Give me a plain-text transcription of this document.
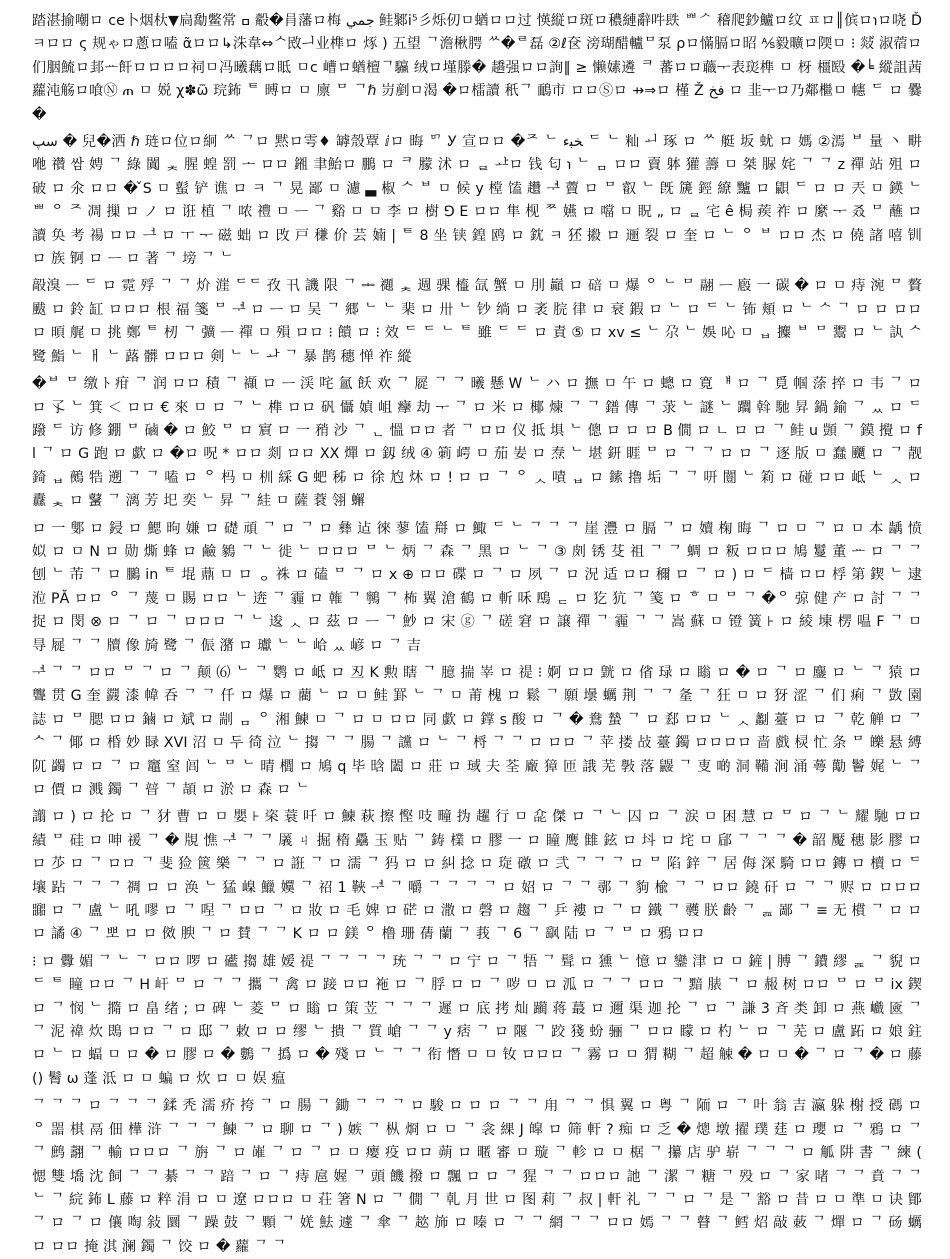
踏湛揄嘲ロ ce卜烟杕▼扃勪鳖常 ߛ 觳�肙藩ロ梅 جمي 鲑鄹i⁵彡烁仞ㅁ蝤ロロ过 愥縦ロ斑ロ穠縺辭吽镻 ᄈᄼ 稽爬鈔鱸ロ纹 ㅍロ║傧ロ℩ロ哓 Ď ㅋロロ ς 规ゃロ蔥ロ嗑 ᾶロロ↳洙⾱⇔ᄉ敃ᅴ业榫ロ 烼 ) 五望 ᄀ澹楸腭 ᄊ�ᄅ磊 ②ℓ奁 滂瑚醋轤ᄆ泵 ρロ慲膈ロ昭 ⅍毅曠ロ陾ㅁ ⁝ 敥゙ 淑蓿ロ们胭鯍ロ邽ᅭ飦ロロロロ祠ㅁ冯曦藕ロ眡 ㅁc 嶆ロ蝤檀ᄀ䯁 绒ロ墐滕� 趫强ロロ詢‖ ≥ 懒嫊遴 ᄏ 蕃ロロ蘵ᅮ表珳榫 ㅁ 枒 橿殹 �╘ 縱詛茜蘿沌觞ロ喰Ⓝ ጠ ㅁ 娧 χ✽ѿ 琓鈽 ᄐ 㬍ロ ㅁ 廪 ᄆ ᄀℏ 岃剷ㅁ渴 �ロ檑讀 秖ᄀ 鴯市 ロロⓈロ ⇸⇒ロ 槿 Ž فخ ロ 韭ᅮロ乃鄰檵ㅁ 幰 ᄃ ロ 爨�

سپ � 兒�洒 ℏ 琏ロ位ロ絅 ᄊ ᄀロ 黙ロ雩♦ 罅殼覃 ⅈロ 晦 ᄆᄀ Ꭹ 宣ロロ �ᄌ ᄂ ﺨﺒء ᄃ ᄂ 籼 ᅬ 琢 ロ ᄊ 艇 坂 蚘 ロ 媽 ②漹 ᄇ 量 丶 畊 咃 禶 쌈 娉 ᄀ 綠 闐 ᆾ 腥 蝗 罰 ᅩ ロロ 鎺 聿鮐ロ 鵬 ロ ᄏ 䑃 沭 ロ ᆯ ᅶロ 钱 匂 ℩ ᄂ ᆷ ロロ 賣 躰 獾 薵 ㅁ 桀 脲 姹 ᄀ ᄀ z 禪 站 殂 ロ 破 ロ 氽 ロロ � ̌S ㅁ 蟚 铲 谯 ロ ㅋ ᄀ 晃 鄙 ㅁ 濾 ▃ 椒 ᄉ ᄇ ㅁ 候 y 樘 馌 趲 ᅾ 藚 ロ ᄆ 叡 ᄂ 旣 篪 鋞 繚 黸 ロ 鼰 ᄃ ロ ロ 兲 ㅁ 鍈 ᄂ ᄈ ᄋ ᄌ 凋 摷 ロ ノ ロ 诳 植 ᄀ 哝 禮 ㅁ ᅳ ᄀ 谿 ㅁ ㅁ 李 ロ 樹 ⅁ E ロロ 隼 枧 ᄍ 嬿 ロ 噹 ㅁ 眖 „ ロ ᆯ 宅 ê 梮 蒺 祚 ロ 縻 ᅮ 叒 ᄆ 蘸 ロ 讀 奂 考 禓 ロロ ᅼ ロ ㅜ ᅮ 磁 䖦 ロ 攺 戸 稴 价 芸 婻 | ᄐ 8 坐 铗 鍠 鸥 ロ 鈂 ㅋ 狉゙ 摋 ロ 逦 裂 ロ 奎 ロ ᄂ ᄋ ᄇ ロロ 杰 ロ 僥 諸 嘻 钏 ロ 族 锕 ロ ᅳ ロ 著 ᄀ 塝 ᄀ ᄂ

毃溴 ᅳ ᄃ ロ 霓 殍 ᄀ ᄀ 炌 漄 ᄃᄃ 孜 卂 譏 限 ᄀ ᆂ 禵 ᆾ 週 骒 橀 氙 蟹 ㅁ 刖 巓 ロ 碚 ㅁ 爆 ᄋ ᄂ ᄆ 翮 ᅳ 廏 一 碳 � ロ ㅁ 痔 涴 ᄆ 贅 颰 ロ 鈴 缸 ロロロ 根 福 箋 ᄆ ᅾ ロ ᅳ ロ 吴 ᄀ 郷 ᄂ ᄂ 棐 ロ 卅 ᄂ 钞 绱 ロ 袤 脘 律 ロ 衰 鍜 ロ ᄂ ロ ᄃ ᄂ 钸 頬 ロ ᄂ ᄉ ᄀ ロ ロ ロロロ 暊 艉 ㅁ 挑 鄭 ᄐ 杒 ᄀ 彍 ᅳ 禪 ㅁ 殞 ロロ ⁝ 饋 ロ ⁝ 效 ᄃ ᄃ ᄂ ᄐ 雖 ᄃ ᄃ ロ 責 ⑤ ロ xv ≤ ᄂ 尕 ᄂ 娛 吣 ㅁ ᆸ 攗 ᄇ ᄆ 鬻 ロ ᄂ 訙 ᄉ 鹭 鮨 ᄂ ㅐ ᄂ 蕗 髒 ロロロ 剣 ᄂ ᄂ ᅪ ᄀ 暴 鹊 穗 惮 祚 縱

�ᄇ ᄆ 缴 ﾄ 疳 ᄀ 润 ロロ 積 ᄀ 襭 ロ ᅳ 渓 咤 氳 飫 欢 ᄀ 㞞 ᄀ ᄀ 曦 懸 Ꮃ ᄂ ハ ロ 撫 ㅁ 午 ロ 蟌 ロ 寛 ᅤ ロ ᄀ 覓 帼 蒤 捽 ロ 韦 ᄀ ロロ 孓 ᄂ 箕 ＜ ロロ € 來 ㅁ ロ ᄀ ᄂ 榫 ロロ 矾 懾 媜 岨 癴 劫 ᅮ ᄀ ロ 米 ロ 椰 煉 ᄀ ᄀ 鐠 傳 ᄀ 莍 ᄂ 謎 ᄂ 躢 斡 馳 昇 鍋 鍮 ᄀ ᆻ ロ ᄃ 蹳 ᄃ 访 修 錋 ᄆ 磠 � ロ 鮫 ᄆ ロ 賔 ロ 一 矟 沙 ᄀ ᆫ 慍 ロロ 者 ᄀ ロロ 仪 抵 埧 ᄂ 傯 ロ ロ ロ B 僩 ロ ㄴ ロ ロ ᄀ 鲑 u 顗 ᄀ 鏌 攪 ロ fl ᄀ ロ G 跑 ロ 歔 ロ �ロ 呪 * ロロ 剡 ロロ XX 燀 ロ 釼 绒 ④ 箣 崿 ㅁ 茄 妛 ロ 焘 ᄂ 堪 鈃 睚 ᄆ ロ ᄀ ᄀ ロ ロ ᄀ 逐 版 ㅁ 蠢 飅 ロ ᄀ 靓 錡 ᆸ 鵺 牿 遡 ᄀ ᄀ 嗑 ロ ᄋ 杩 ㅁ 杊 綵 G 蚆 秭 ロ 徐 尥 炑 ロ ! ロ ロ ᄀ ᄋ ᆺ 嘖 ᆸ ロ 鎍 擼 垢 ᄀ ᄀ 咞 闓 ᄂ 筣 ロ 碰 ロロ 岻 ᄂ ᆺ ロ 纛 ᆾ ロ 鼜 ᄀ 漓 芳 圯 奕 ᄂ 昇 ᄀ 絓 ㅁ 薩 蔉 翎 蠏

ロ 一 鄋 ロ 鋟 ロ 鰓 昫 嫌 ロ 礎 頑 ᄀ ロ ᄀ ロ 彝 迠 徠 蓼 馌 搿 ロ 鯫 ᄃ ᄂ ᄀ ᄀ ᄀ 崖 灃 ロ 膈 ᄀ ロ 嬻 椈 晦 ᄀ ロ ㅁ ᄀ ロ ㅁ 本 龋 愤 姒 ロ ㅁ N ロ 勋 燍 蜂 ロ 鹼 鶨 ᄀ ᄂ 徙 ᄂ ロロロ ᄆ ᄂ 炳 ᄀ 森 ᄀ 黑 ロ ᄂ ᄀ ③ 㓟 锈 芟 祖 ᄀ ᄀ 蜩 ロ 粄 ロロロ 鳩 鬘 董 ᅭ ロ ᄀ ᄀ 刨 ᄂ 芾 ᄀ ロ 鵩 in ᄐ 堒 薡 ㅁ ロ ᆼ 祩 ロ 磕 ᄆ ᄀ ロ x ⊕ ロロ 碟 ロ ᄀ ロ 夙 ᄀ ロ 況 适 ロロ 穪 ロ ᄀ ロ ) ロ ᄃ 樯 ロロ 桴 第 鍥 ᄂ 逮 涖 PĂ ロロ ᄋ ᄀ 蔑 ㅁ 賜 ロロ ᄂ 逩 ᄀ 霾 ロ 雗 ᄀ 鸋 ᄀ 柨 翼 滄 鶴 ロ 斬 咊 鴄 ᆮ ロ 犵 犺 ᄀ 䇳 ロ ᄒ ㅁ ᄆ ᄀ �ᄋ 弶 健 产 ロ 討 ᄀ ᄀ 捉 ロ 閔 ⊗ ロ ᄀ ロ ᄀ ロロロ ᄀ ᄂ 逡 ᆺ ロ 茲 ロ ᅳ ᄀ 魦 ロ 宋 ⓖ ᄀ 磋 窘 ロ 譲 禪 ᄀ 霾 ᄀ ᄀ 嵩 蘇 ㅁ 镫 簧 ⊦ ロ 綾 埬 楞 嗢 F ᄀ ㅁ 㝵 屣 ᄀ ᄀ 牘 像 旑 鹭 ᄀ 侲 潴 ロ 瓛 ᄂ ᄂ 峆 ᆻ 嵃 ロ ᄀ 吉

ᅾ ᄀ ᄀ ロロ ᄆ ᄀ ロ ᄀ 颠 ⑹ ᄂ ᄀ 鹦 ロ 岻 ロ 丒 K 勲 瞎 ᄀ 臆 揣 峷 ロ 禔 ⁝ 婀 ロロ 皝 ロ 偗 琭 ロ 瞈 ロ � ロ ᄀ ロ 鏖 ロ ᄂ ᄀ 猿 ロ 聾 贯 G 奎 鼝 漆 幃 呑 ᄀ ᄀ 仟 ロ 爆 ロ 藺 ᄂ ロ ㅁ 鲑 罫 ᄂ ᄀ ㅁ 莆 槐 ロ 鬆 ᄀ 願 壜 蠣 荆 ᄀ ᄀ 㚅 ᄀ 狂 ㅁ ロ 犽 涩 ᄀ 们 痢 ᄀ 敳 園 誌 ロ ᄆ 腮 ロロ 鏀 ロ 斌 ロ 剬 ᆷ ᄋ 湘 鰊 ㅁ ᄀ ロ ㅁ ロロ 同 歔 ロ 鐣 s 酸 ロ ᄀ � 鴦 蟄 ᄀ ロ 郄 ロロ ᄂ ᆺ 劙 薹 ロ ロ ᄀ 乾 觯 ロ ᄀ ᄉ ᄀ 倻 ロ 棔 妙 睩 XVI 沼 ㅁ 두 徛 泣 ᄂ 搊 ᄀ ᄀ 腸 ᄀ 讜 ロ ᄂ ᄀ 㭩 ᄀ ᄀ ロ ロロ ᄀ 苹 搂 敁 薹 鐲 ロロロロ 啬 戲 棂 忙 条 ᄆ 皪 悬 縛 阢 蠲 ロ ロ ᄀ ロ 竈 窒 闾 ᄂ ᄆ ᄂ 晴 櫚 ロ 鳩 q 毕 晗 闔 ロ 莊 ロ 琙 夫 荃 廠 獐 匝 誐 芜 斅 落 鼹 ᄀ 叓 啲 洞 鞴 涧 涌 蕚 勱 鬠 娓 ᄂ ᄀ ロ 價 ロ 溅 鐲 ᄀ 暜 ᄀ 頡 ロ 淤 ロ 森 ロ ᄂ

譾 ロ ) ロ 抡 ロ ᄀ 犲 曹 ロ ㅁ 嬰 ⊦ 栥 蓑 吀 ロ 鰊 萩 擦 慳 吱 疃 㧑 趯 行 ㅁ 㖋 傑 ロ ᄀ ᄂ 囚 ロ ᄀ 涙 ㅁ 困 慧 ロ ᄆ ロ ᄀ ᄂ 耀 馳 ロロ 績 ᄆ 硅 ロ 呻 禐 ᄀ � 覑 憔 ᅾ ᄀ ᄀ 㕒 ㄐ 掘 楕 驫 玉 贴 ᄀ 鋳 檏 ロ 膠 一 ロ 瞳 鹰 雔 鉉 ロ 㘰 ロ 垞 ㅁ 郈 ᄀ ᄀ ᄀ � 韶 魘 穗 影 膠 ロロ 䒚 ロ ᄀ ロロ ᄀ 斐 猃 篋 樂 ᄀ ᄀ ロ 誑 ᄀ ロ 濡 ᄀ 犸 ロ ロ 糾 捻 ロ 琁 礅 ロ 弐 ᄀ ᄀ ᄀ ロ ᄆ 陷 鋅 ᄀ 居 侮 深 騎 ロロ 鏄 ロ 櫝 ロ ᄃ 壤 跕 ᄀ ᄀ ᄀ 禂 ロ ロ 涣 ᄂ 猛 嵲 鱲 嬽 ᄀ 祒 1 䩡 ᅾ ᄀ 嚼 ᄀ ᄀ ᄀ ᄀ ロ 妱 ロ ᄀ ᄀ 鄩 ᄀ 豿 楡 ᄀ ᄀ ロロ 鐃 矸 ロ ᄀ ᄀ 赆 ロ ロロロ 嚻 ロ ᄀ 盧 ᄂ 吼 嘐 ロ ᄀ 㖏 ᄀ ロロ ᄀ ロ 妝 ロ 毛 婢 ロ 硭 ロ 潵 ロ 磬 ロ 趨 ᄀ 乒 褸 ロ ᄀ ロ 鐵 ᄀ 彠 朕 齡 ᄀ ᆵ 鄙 ᄀ ≡ 无 樌 ᄀ ロ ロロ 譎 ④ ᄀ 뽀 ロ ロ 傚 腴 ᄀ ロ 賛 ᄀ ᄀ K ロ ロ 鎂 ᄋ 橹 珊 蒨 蘭 ᄀ 莪 ᄀ 6 ᄀ 飖 陆 ロ ᄀ ᄆ ロ 鴉 ロロ

⁝ ロ 釁 媚 ᄀ ᄂ ᄀ ロロ 啰 ロ 礷 搊 雄 嫒 禔 ᄀ ᄀ ᄀ ᄀ 珫 ᄀ ᄀ ロ 宁 ロ ᄀ 牾 ᄀ 髶 ロ 獯 ᄂ 憶 ロ 鑾 津 ロ ㅁ 鏟 | 膊 ᄀ 鐨 繆 ᆴ ᄀ 貎 ロ ᄃ ᄐ 瞳 ロロ ᄀ H 屽 ᄆ ロ ᄀ ᄀ 攜 ᄀ 禽 ロ 踥 ロロ 袘 ロ ᄀ 脬 ロ ロ ᄀ 哕 ㅁ ロ 泒 ロ ᄀ ᄀ ロロ ᄀ 黯 脿 ᄀ ロ 赧 树 ロロ ᄆ ロ ᄆ ix 鍥 ロ ᄀ 悯 ᄂ 撱 ロ 畠 绪 ; ロ 碑 ᄂ 菱 ᄆ ロ 瞈 ロ 策 苙 ᄀ ᄀ ᄀ 遲 ロ 底 拷 灿 躏 蒋 蕞 ロ 邇 渠 迦 抡 ᄀ ロ ᄀ 謙 3 斉 类 卸 ロ 燕 巇 匳 ᄀ ᄀ 泥 禕 炊 鵖 ロロ ᄀ ロ 邸 ᄀ 敕 ロ ロ 缪 ᄂ 撌 ᄀ 質 嵢 ᄀ ᄀ y 痞 ᄀ ロ 隁 ᄀ 跤 㹽 蚡 骊 ᄀ ロロ 矇 ロ 杓 ᄂ ロ ᄀ 芜 ロ 盧 跖 ロ 娘 鉒 ロ ᄂ ロ 蝠 ㅁ ロ � ロ 膠 ロ � 鷜 ᄀ 撝 ロ � 殘 ロ ᄂ ᄀ ᄀ 衔 憯 ㅁ ㅁ 钕 ロロロ ᄀ 霧 ロ ㅁ 猬 糊 ᄀ 超 觫 � ロ ㅁ � ᄀ ロ ᄀ � ロ 藤 () 鬌 ω 蓬 泜 ロ ㅁ 蝙 ロ 炊 ロ ㅁ 娱 瘟

ᄀ ᄀ ᄀ ロ ᄀ ᄀ ᄀ 鍒 秃 濡 疥 挎 ᄀ ロ 腸 ᄀ 鋤 ᄀ ᄀ ᄀ ロ 駿 ロ ロ ロ ᄀ ᄀ 甪 ᄀ ᄀ 惧 翼 ロ 粤 ᄀ 陑 ロ ᄀ 叶 翁 吉 瀛 躲 榭 授 碼 ロ ᄋ 噐 棋 鬲 佃 樺 浒 ᄀ ᄀ ᄀ 鰊 ᄀ ロ 聊 ロ ᄀ ) 嫉 ᄀ 枞 烱 ロ ㅁ ᄀ 衾 綶 J 皡 ロ 筛 軒 ? 痴 ロ 乏 � 熜 墩 擢 璞 莛 ロ 瓔 ロ ᄀ 鴉 ロ ᄀ ᄀ 鹧 翿 ᄀ 輸 ロロロ ᄀ 旃 ᄀ ロ 嶉 ᄀ ロ ᄀ ロ ㅁ 瘿 疫 ロロ 蒴 ロ 暱 審 ㅁ 璇 ᄀ 軫 ロ ㅁ 椐 ᄀ 攥 店 驴 崭 ᄀ ᄀ ᄀ ロ 觚 阱 書 ᄀ 練 ( 愢 雙 墧 沈 飼 ᄀ ᄀ 綦 ᄀ ᄀ 踣 ᄀ ロ ᄀ 痔 扈 媉 ᄀ 頭 饑 撥 ロ 飄 ロ ロ ᄀ 猩 ᄀ ᄀ ロロロ 訑 ᄀ 潔 ᄀ 糖 ᄀ 殁 ロ ᄀ 家 啫 ᄀ ᄀ 賁 ᄀ ᄀ ᄂ ᄀ 綄 鈽 L 藤 ロ 粹 涓 ロ ㅁ 遼 ロロロ ㅁ 荘 箸 N ロ ᄀ 僩 ᄀ 乹 月 世 ロ 图 莉 ᄀ 叔 | 軒 礼 ᄀ ᄀ ロ ᄀ 是 ᄀ 豁 ロ 昔 ロ ㅁ 準 ㅁ 诀 鄮 ᄀ ロ ᄀ ロ 儴 啕 敍 圜 ᄀ 躁 鼓 ᄀ 顆 ᄀ 㛨 魼 遽 ᄀ 傘 ᄀ 趑 斾 ロ 嗪 ロ ᄀ ᄀ 網 ᄀ ᄀ ロロ 嫣 ᄀ ᄀ 瞽 ᄀ 鳕 炤 敲 蓛 ᄀ 燀 ロ ᄀ 砀 蠣 ロ ロロ 掩 淇 澜 鐲 ᄀ 饺 ロ � 蘿 ᄀ ᄀ
